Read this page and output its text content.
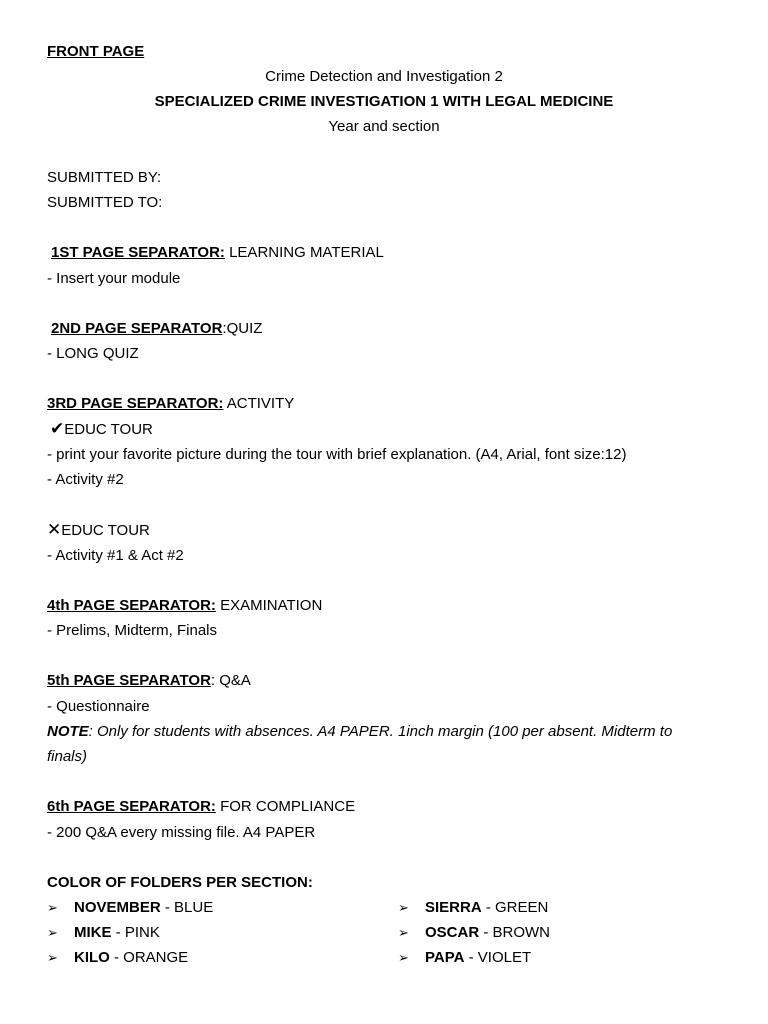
FRONT PAGE
Crime Detection and Investigation 2
SPECIALIZED CRIME INVESTIGATION 1 WITH LEGAL MEDICINE
Year and section
SUBMITTED BY:
SUBMITTED TO:
1ST PAGE SEPARATOR: LEARNING MATERIAL
- Insert your module
2ND PAGE SEPARATOR:QUIZ
- LONG QUIZ
3RD PAGE SEPARATOR: ACTIVITY
✔EDUC TOUR
- print your favorite picture during the tour with brief explanation. (A4, Arial, font size:12)
- Activity #2
✕EDUC TOUR
- Activity #1 & Act #2
4th PAGE SEPARATOR: EXAMINATION
- Prelims, Midterm, Finals
5th PAGE SEPARATOR: Q&A
- Questionnaire
NOTE: Only for students with absences. A4 PAPER. 1inch margin (100 per absent. Midterm to
finals)
6th PAGE SEPARATOR: FOR COMPLIANCE
- 200 Q&A every missing file. A4 PAPER
COLOR OF FOLDERS PER SECTION:
➢ NOVEMBER - BLUE
➢ MIKE - PINK
➢ KILO - ORANGE
➢ SIERRA - GREEN
➢ OSCAR - BROWN
➢ PAPA - VIOLET
